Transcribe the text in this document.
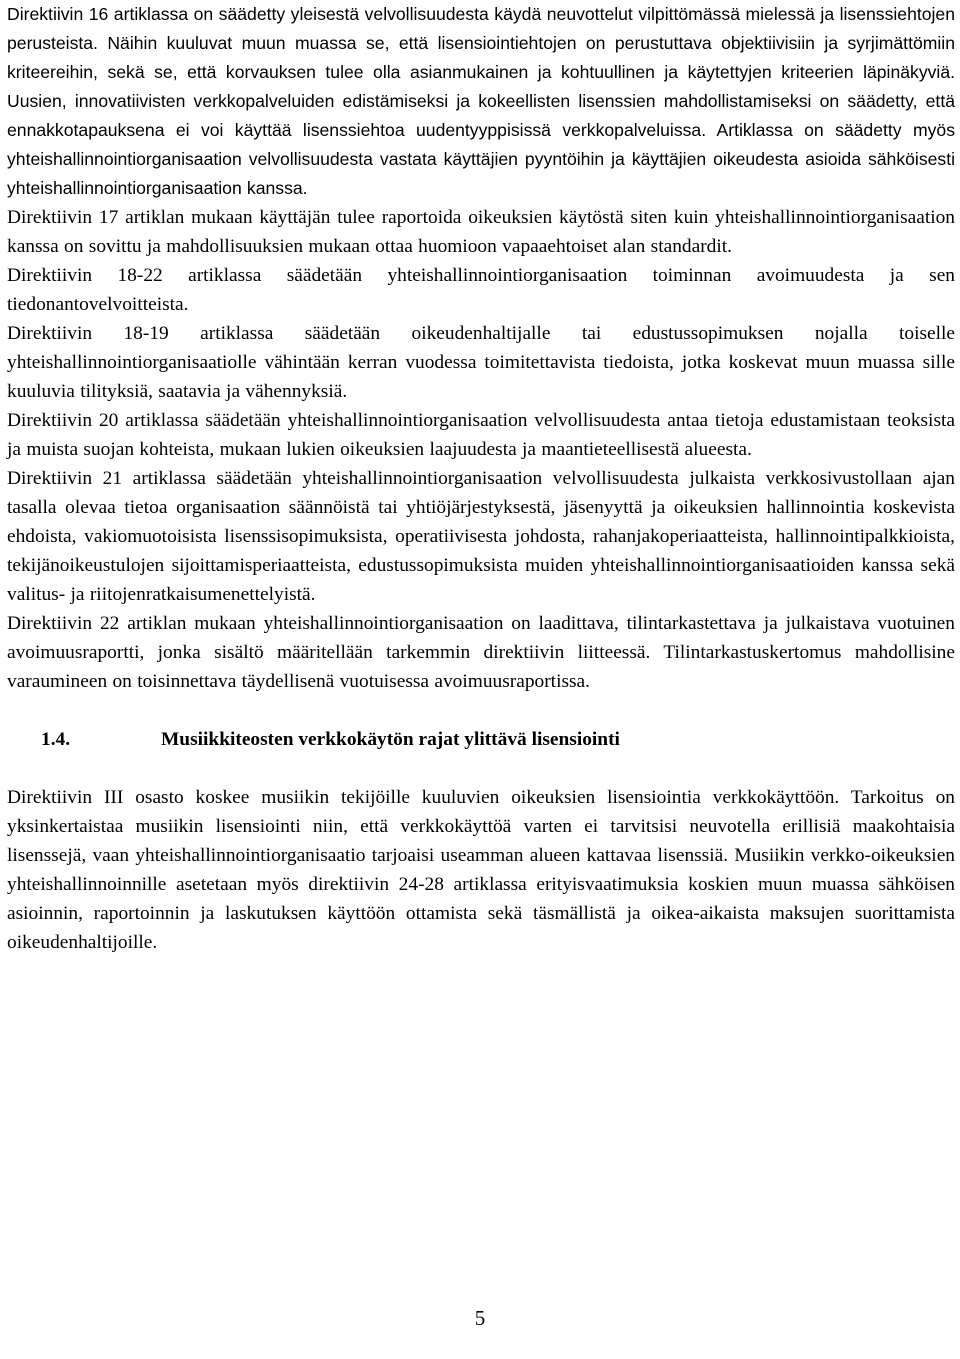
Direktiivin 16 artiklassa on säädetty yleisestä velvollisuudesta käydä neuvottelut vilpittömässä mielessä ja lisenssiehtojen perusteista. Näihin kuuluvat muun muassa se, että lisensiointiehtojen on perustuttava objektiivisiin ja syrjimättömiin kriteereihin, sekä se, että korvauksen tulee olla asianmukainen ja kohtuullinen ja käytettyjen kriteerien läpinäkyviä. Uusien, innovatiivisten verkkopalveluiden edistämiseksi ja kokeellisten lisenssien mahdollistamiseksi on säädetty, että ennakkotapauksena ei voi käyttää lisenssiehtoa uudentyyppisissä verkkopalveluissa. Artiklassa on säädetty myös yhteishallinnointiorganisaation velvollisuudesta vastata käyttäjien pyyntöihin ja käyttäjien oikeudesta asioida sähköisesti yhteishallinnointiorganisaation kanssa.

Direktiivin 17 artiklan mukaan käyttäjän tulee raportoida oikeuksien käytöstä siten kuin yhteishallinnointiorganisaation kanssa on sovittu ja mahdollisuuksien mukaan ottaa huomioon vapaaehtoiset alan standardit.

Direktiivin 18-22 artiklassa säädetään yhteishallinnointiorganisaation toiminnan avoimuudesta ja sen tiedonantovelvoitteista.

Direktiivin 18-19 artiklassa säädetään oikeudenhaltijalle tai edustussopimuksen nojalla toiselle yhteishallinnointiorganisaatiolle vähintään kerran vuodessa toimitettavista tiedoista, jotka koskevat muun muassa sille kuuluvia tilityksiä, saatavia ja vähennyksiä.

Direktiivin 20 artiklassa säädetään yhteishallinnointiorganisaation velvollisuudesta antaa tietoja edustamistaan teoksista ja muista suojan kohteista, mukaan lukien oikeuksien laajuudesta ja maantieteellisestä alueesta.

Direktiivin 21 artiklassa säädetään yhteishallinnointiorganisaation velvollisuudesta julkaista verkkosivustollaan ajan tasalla olevaa tietoa organisaation säännöistä tai yhtiöjärjestyksestä, jäsenyyttä ja oikeuksien hallinnointia koskevista ehdoista, vakiomuotoisista lisenssisopimuksista, operatiivisesta johdosta, rahanjakoperiaatteista, hallinnointipalkkioista, tekijänoikeustulojen sijoittamisperiaatteista, edustussopimuksista muiden yhteishallinnointiorganisaatioiden kanssa sekä valitus- ja riitojenratkaisumenettelyistä.

Direktiivin 22 artiklan mukaan yhteishallinnointiorganisaation on laadittava, tilintarkastettava ja julkaistava vuotuinen avoimuusraportti, jonka sisältö määritellään tarkemmin direktiivin liitteessä. Tilintarkastuskertomus mahdollisine varaumineen on toisinnettava täydellisenä vuotuisessa avoimuusraportissa.

1.4.	Musiikkiteosten verkkokäytön rajat ylittävä lisensiointi

Direktiivin III osasto koskee musiikin tekijöille kuuluvien oikeuksien lisensiointia verkkokäyttöön. Tarkoitus on yksinkertaistaa musiikin lisensiointi niin, että verkkokäyttöä varten ei tarvitsisi neuvotella erillisiä maakohtaisia lisenssejä, vaan yhteishallinnointiorganisaatio tarjoaisi useamman alueen kattavaa lisenssiä. Musiikin verkko-oikeuksien yhteishallinnoinnille asetetaan myös direktiivin 24-28 artiklassa erityisvaatimuksia koskien muun muassa sähköisen asioinnin, raportoinnin ja laskutuksen käyttöön ottamista sekä täsmällistä ja oikea-aikaista maksujen suorittamista oikeudenhaltijoille.

5
